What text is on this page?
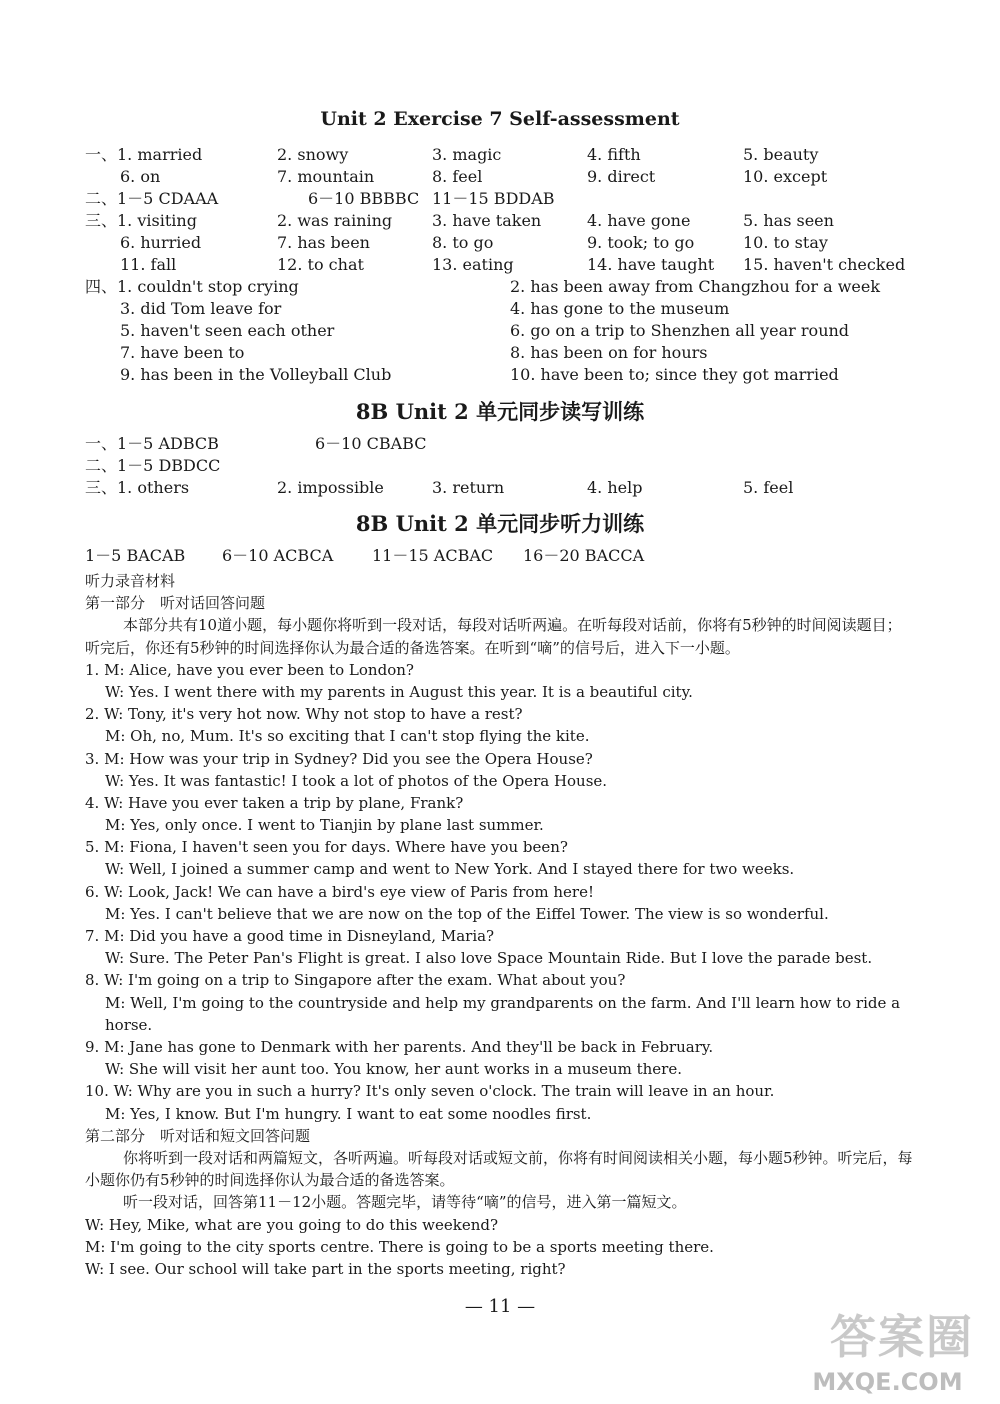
Unit 2 Exercise 7 Self-assessment
一、1. married	2. snowy	3. magic	4. fifth	5. beauty
6. on	7. mountain	8. feel	9. direct	10. except
二、1－5 CDAAA	6－10 BBBBC 11－15 BDDAB
三、1. visiting	2. was raining 3. have taken	4. have gone	5. has seen
6. hurried	7. has been	8. to go	9. took; to go	10. to stay
11. fall	12. to chat	13. eating	14. have taught 15. haven't checked
四、1. couldn't stop crying	2. has been away from Changzhou for a week
3. did Tom leave for	4. has gone to the museum
5. haven't seen each other	6. go on a trip to Shenzhen all year round
7. have been to	8. has been on for hours
9. has been in the Volleyball Club	10. have been to; since they got married
8B Unit 2 单元同步读写训练
一、1－5 ADBCB	6－10 CBABC
二、1－5 DBDCC
三、1. others	2. impossible	3. return	4. help	5. feel
8B Unit 2 单元同步听力训练
1－5 BACAB 6－10 ACBCA 11－15 ACBAC 16－20 BACCA
听力录音材料
第一部分　听对话回答问题
本部分共有10道小题，每小题你将听到一段对话，每段对话听两遍。在听每段对话前，你将有5秒钟的时间阅读题目；听完后，你还有5秒钟的时间选择你认为最合适的备选答案。在听到“嘀”的信号后，进入下一小题。
1. M: Alice, have you ever been to London?
W: Yes. I went there with my parents in August this year. It is a beautiful city.
2. W: Tony, it's very hot now. Why not stop to have a rest?
M: Oh, no, Mum. It's so exciting that I can't stop flying the kite.
3. M: How was your trip in Sydney? Did you see the Opera House?
W: Yes. It was fantastic! I took a lot of photos of the Opera House.
4. W: Have you ever taken a trip by plane, Frank?
M: Yes, only once. I went to Tianjin by plane last summer.
5. M: Fiona, I haven't seen you for days. Where have you been?
W: Well, I joined a summer camp and went to New York. And I stayed there for two weeks.
6. W: Look, Jack! We can have a bird's eye view of Paris from here!
M: Yes. I can't believe that we are now on the top of the Eiffel Tower. The view is so wonderful.
7. M: Did you have a good time in Disneyland, Maria?
W: Sure. The Peter Pan's Flight is great. I also love Space Mountain Ride. But I love the parade best.
8. W: I'm going on a trip to Singapore after the exam. What about you?
M: Well, I'm going to the countryside and help my grandparents on the farm. And I'll learn how to ride a
horse.
9. M: Jane has gone to Denmark with her parents. And they'll be back in February.
W: She will visit her aunt too. You know, her aunt works in a museum there.
10. W: Why are you in such a hurry? It's only seven o'clock. The train will leave in an hour.
M: Yes, I know. But I'm hungry. I want to eat some noodles first.
第二部分　听对话和短文回答问题
你将听到一段对话和两篇短文，各听两遍。听每段对话或短文前，你将有时间阅读相关小题，每小题5秒钟。听完后，每小题你仍有5秒钟的时间选择你认为最合适的备选答案。
听一段对话，回答第11－12小题。答题完毕，请等待“嘀”的信号，进入第一篇短文。
W: Hey, Mike, what are you going to do this weekend?
M: I'm going to the city sports centre. There is going to be a sports meeting there.
W: I see. Our school will take part in the sports meeting, right?
— 11 —
答案圈
MXQE.COM
